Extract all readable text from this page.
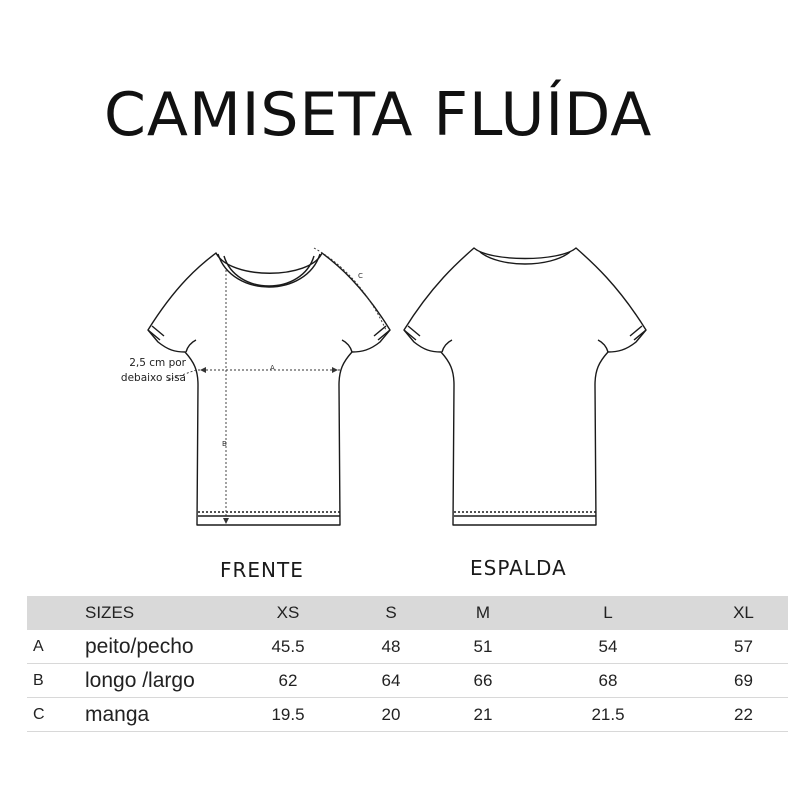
CAMISETA FLUÍDA
A
B
C
2,5 cm por
debaixo sisa
FRENTE	ESPALDA
	SIZES	XS	S	M	L	XL
A	peito/pecho	45.5	48	51	54	57
B	longo /largo	62	64	66	68	69
C	manga	19.5	20	21	21.5	22
